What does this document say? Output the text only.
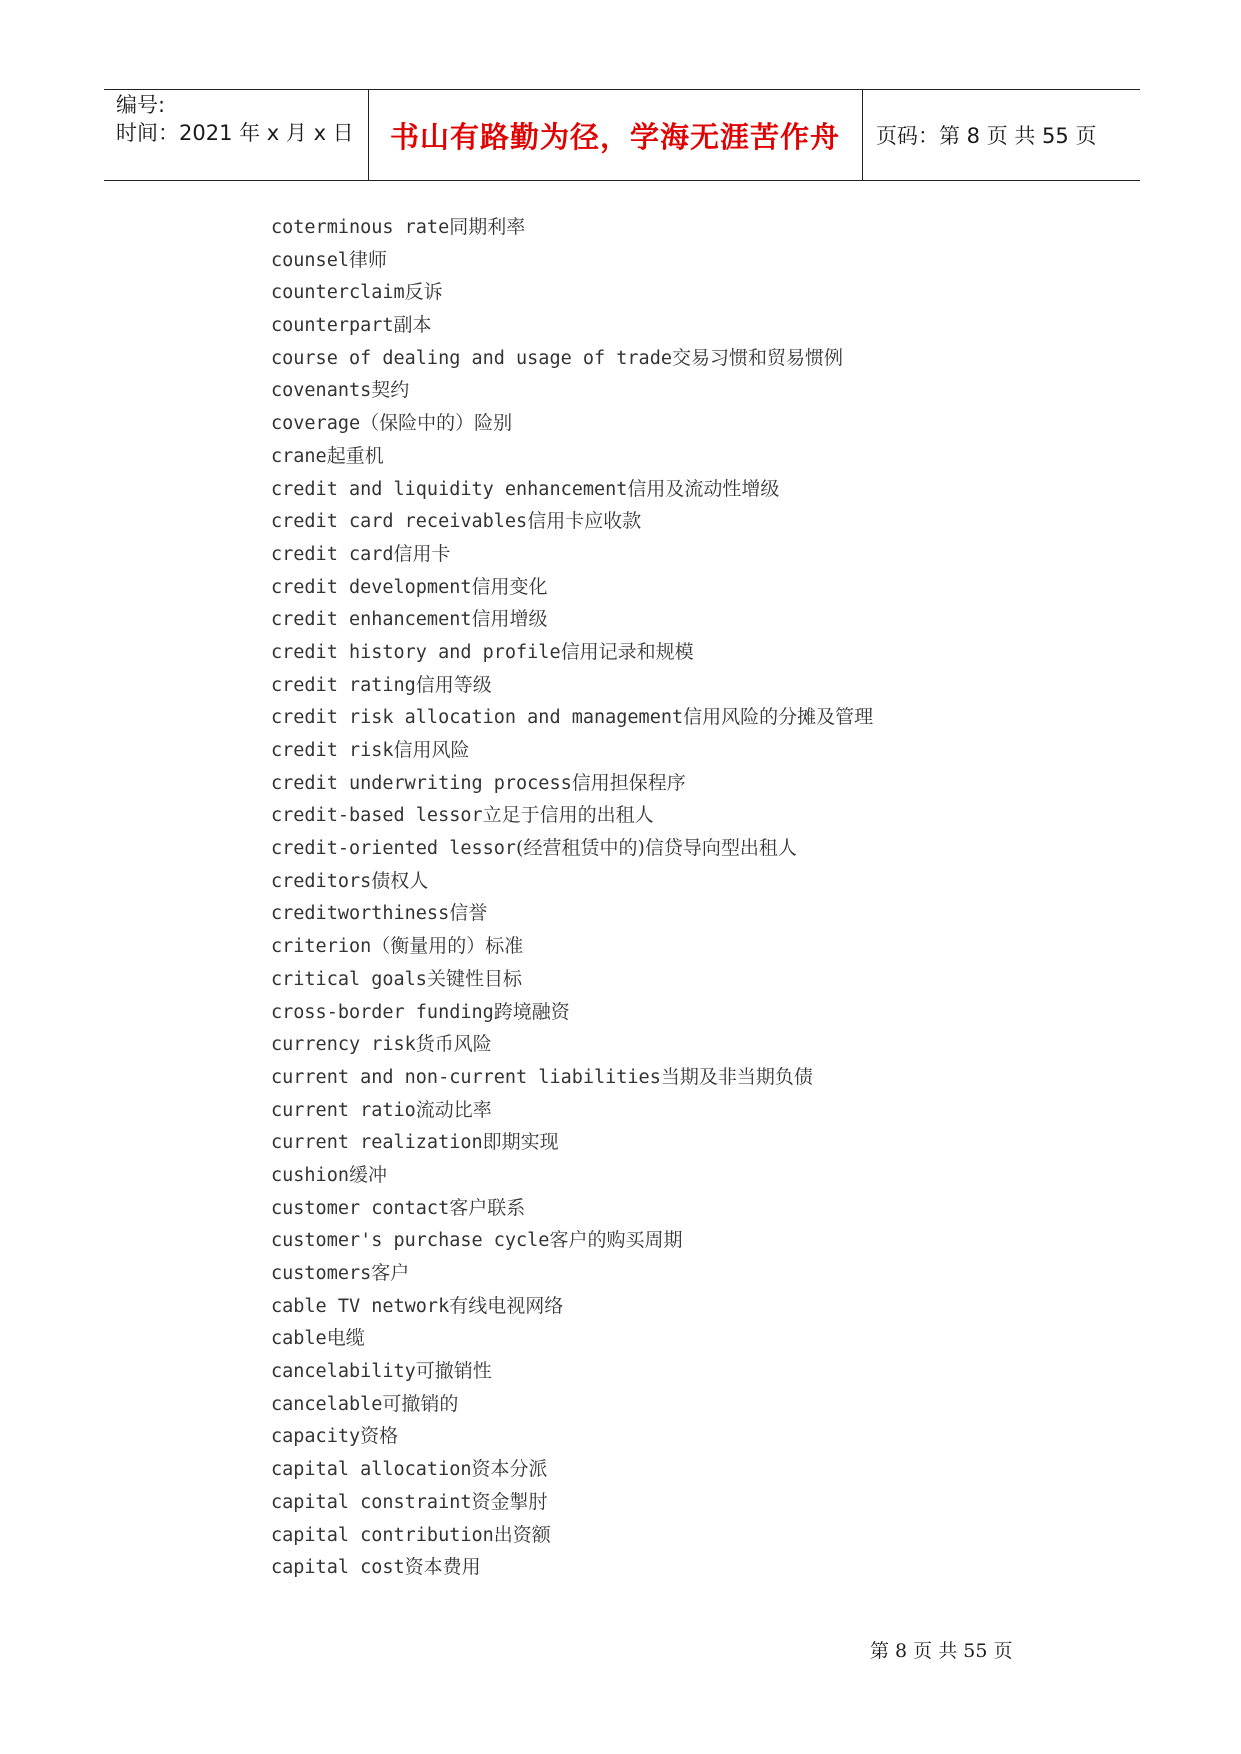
编号:
时间：2021 年 x 月 x 日 书山有路勤为径，学海无涯苦作舟 页码：第 8 页 共 55 页
coterminous rate同期利率
counsel律师
counterclaim反诉
counterpart副本
course of dealing and usage of trade交易习惯和贸易惯例
covenants契约
coverage（保险中的）险别
crane起重机
credit and liquidity enhancement信用及流动性增级
credit card receivables信用卡应收款
credit card信用卡
credit development信用变化
credit enhancement信用增级
credit history and profile信用记录和规模
credit rating信用等级
credit risk allocation and management信用风险的分摊及管理
credit risk信用风险
credit underwriting process信用担保程序
credit-based lessor立足于信用的出租人
credit-oriented lessor(经营租赁中的)信贷导向型出租人
creditors债权人
creditworthiness信誉
criterion（衡量用的）标准
critical goals关键性目标
cross-border funding跨境融资
currency risk货币风险
current and non-current liabilities当期及非当期负债
current ratio流动比率
current realization即期实现
cushion缓冲
customer contact客户联系
customer's purchase cycle客户的购买周期
customers客户
cable TV network有线电视网络
cable电缆
cancelability可撤销性
cancelable可撤销的
capacity资格
capital allocation资本分派
capital constraint资金掣肘
capital contribution出资额
capital cost资本费用
第 8 页 共 55 页
